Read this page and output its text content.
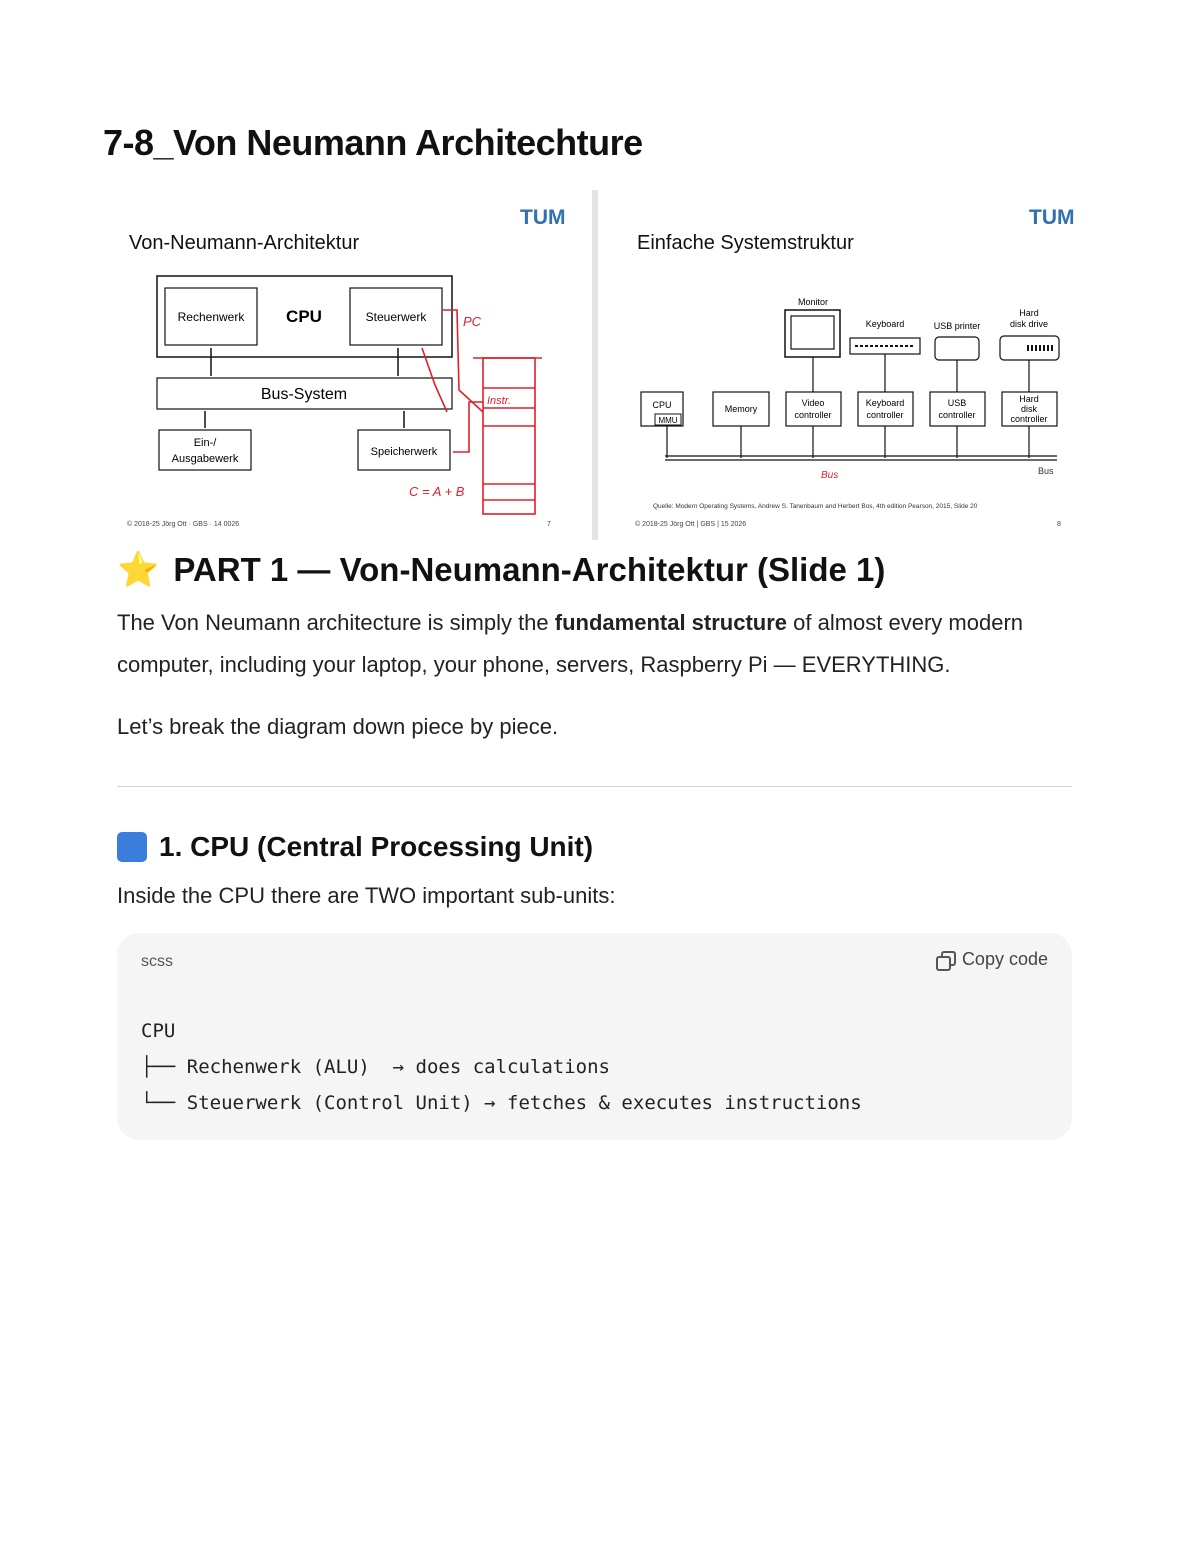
7-8_Von Neumann Architechture
TUM
Von-Neumann-Architektur
Rechenwerk CPU	Steuerwerk
Bus-System
Ein-/
Ausgabewerk
Speicherwerk
PC
Instr.
C = A + B
© 2018-25 Jörg Ott · GBS · 14 0026	7
TUM
Einfache Systemstruktur
Monitor
Keyboard	USB printer
Hard
disk drive
CPU
MMU
Memory
Video
controller
Keyboard
controller
USB
controller
Hard
disk
controller
Bus	Bus
Quelle: Modern Operating Systems, Andrew S. Tanenbaum and Herbert Bos, 4th edition Pearson, 2015, Slide 20
© 2018-25 Jörg Ott | GBS | 15 2026	8
⭐ PART 1 — Von-Neumann-Architektur (Slide 1)

The Von Neumann architecture is simply the fundamental structure of almost every modern computer, including your laptop, your phone, servers, Raspberry Pi — EVERYTHING.

Let’s break the diagram down piece by piece.

1. CPU (Central Processing Unit)

Inside the CPU there are TWO important sub-units:

scss	Copy code
CPU
├── Rechenwerk (ALU)  → does calculations
└── Steuerwerk (Control Unit) → fetches & executes instructions
